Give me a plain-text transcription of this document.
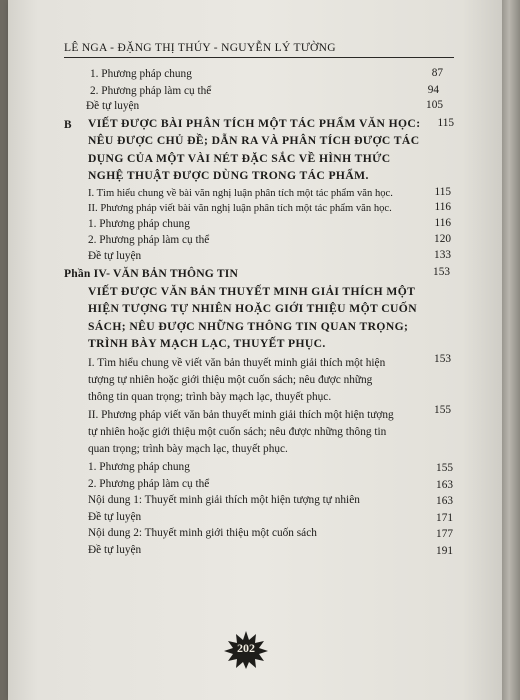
LÊ NGA - ĐẶNG THỊ THÚY - NGUYỄN LÝ TƯỜNG
1. Phương pháp chung	87
2. Phương pháp làm cụ thể	94
Đề tự luyện	105
B VIẾT ĐƯỢC BÀI PHÂN TÍCH MỘT TÁC PHẨM VĂN HỌC:
NÊU ĐƯỢC CHỦ ĐỀ; DẪN RA VÀ PHÂN TÍCH ĐƯỢC TÁC
DỤNG CỦA MỘT VÀI NÉT ĐẶC SẮC VỀ HÌNH THỨC
NGHỆ THUẬT ĐƯỢC DÙNG TRONG TÁC PHẨM.
115
I. Tìm hiểu chung về bài văn nghị luận phân tích một tác phẩm văn học.	115
II. Phương pháp viết bài văn nghị luận phân tích một tác phẩm văn học.	116
1. Phương pháp chung	116
2. Phương pháp làm cụ thể	120
Đề tự luyện	133
Phần IV- VĂN BẢN THÔNG TIN	153
VIẾT ĐƯỢC VĂN BẢN THUYẾT MINH GIẢI THÍCH MỘT
HIỆN TƯỢNG TỰ NHIÊN HOẶC GIỚI THIỆU MỘT CUỐN
SÁCH; NÊU ĐƯỢC NHỮNG THÔNG TIN QUAN TRỌNG;
TRÌNH BÀY MẠCH LẠC, THUYẾT PHỤC.
I. Tìm hiểu chung về viết văn bản thuyết minh giải thích một hiện
tượng tự nhiên hoặc giới thiệu một cuốn sách; nêu được những
thông tin quan trọng; trình bày mạch lạc, thuyết phục.
153
II. Phương pháp viết văn bản thuyết minh giải thích một hiện tượng
tự nhiên hoặc giới thiệu một cuốn sách; nêu được những thông tin
quan trọng; trình bày mạch lạc, thuyết phục.
155
1. Phương pháp chung	155
2. Phương pháp làm cụ thể	163
Nội dung 1: Thuyết minh giải thích một hiện tượng tự nhiên	163
Đề tự luyện	171
Nội dung 2: Thuyết minh giới thiệu một cuốn sách	177
Đề tự luyện	191
202
